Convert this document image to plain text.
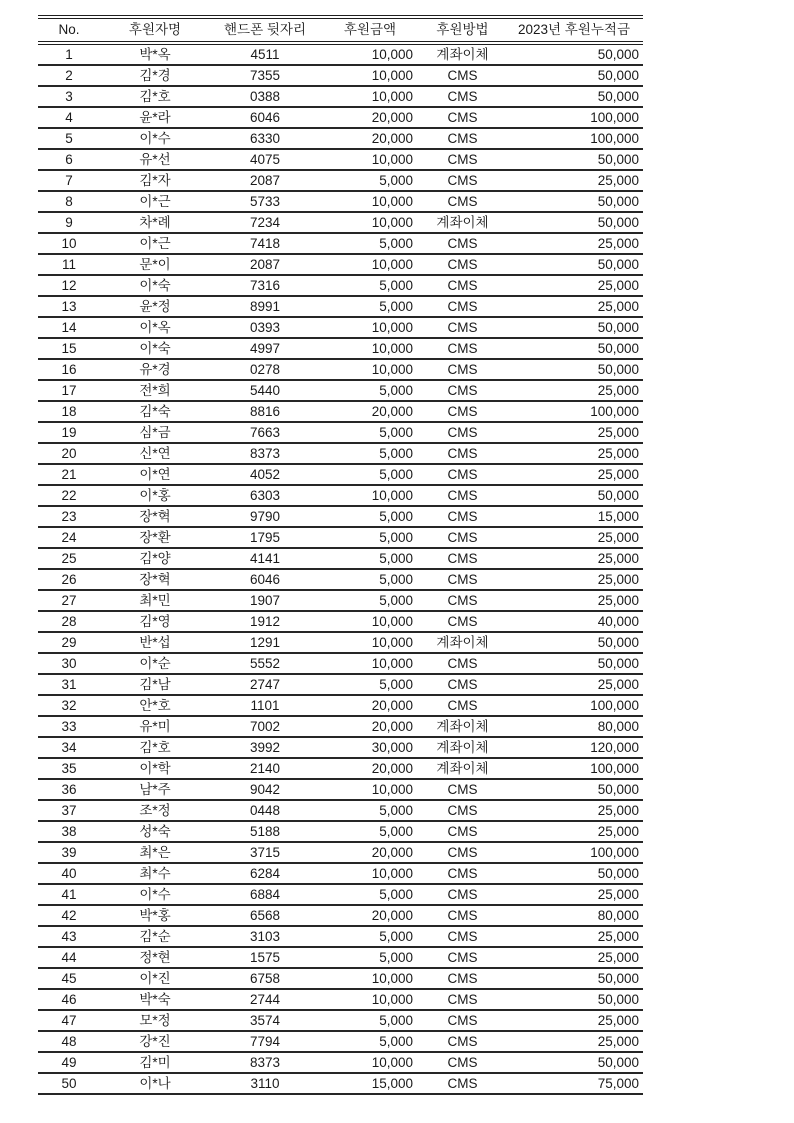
No.	후원자명	핸드폰 뒷자리	후원금액	후원방법	2023년 후원누적금
1	박*옥	4511	10,000	계좌이체	50,000
2	김*경	7355	10,000	CMS	50,000
3	김*호	0388	10,000	CMS	50,000
4	윤*라	6046	20,000	CMS	100,000
5	이*수	6330	20,000	CMS	100,000
6	유*선	4075	10,000	CMS	50,000
7	김*자	2087	5,000	CMS	25,000
8	이*근	5733	10,000	CMS	50,000
9	차*례	7234	10,000	계좌이체	50,000
10	이*근	7418	5,000	CMS	25,000
11	문*이	2087	10,000	CMS	50,000
12	이*숙	7316	5,000	CMS	25,000
13	윤*정	8991	5,000	CMS	25,000
14	이*옥	0393	10,000	CMS	50,000
15	이*숙	4997	10,000	CMS	50,000
16	유*경	0278	10,000	CMS	50,000
17	전*희	5440	5,000	CMS	25,000
18	김*숙	8816	20,000	CMS	100,000
19	심*금	7663	5,000	CMS	25,000
20	신*연	8373	5,000	CMS	25,000
21	이*연	4052	5,000	CMS	25,000
22	이*홍	6303	10,000	CMS	50,000
23	장*혁	9790	5,000	CMS	15,000
24	장*환	1795	5,000	CMS	25,000
25	김*양	4141	5,000	CMS	25,000
26	장*혁	6046	5,000	CMS	25,000
27	최*민	1907	5,000	CMS	25,000
28	김*영	1912	10,000	CMS	40,000
29	반*섭	1291	10,000	계좌이체	50,000
30	이*순	5552	10,000	CMS	50,000
31	김*남	2747	5,000	CMS	25,000
32	안*호	1101	20,000	CMS	100,000
33	유*미	7002	20,000	계좌이체	80,000
34	김*호	3992	30,000	계좌이체	120,000
35	이*학	2140	20,000	계좌이체	100,000
36	남*주	9042	10,000	CMS	50,000
37	조*정	0448	5,000	CMS	25,000
38	성*숙	5188	5,000	CMS	25,000
39	최*은	3715	20,000	CMS	100,000
40	최*수	6284	10,000	CMS	50,000
41	이*수	6884	5,000	CMS	25,000
42	박*홍	6568	20,000	CMS	80,000
43	김*순	3103	5,000	CMS	25,000
44	정*현	1575	5,000	CMS	25,000
45	이*진	6758	10,000	CMS	50,000
46	박*숙	2744	10,000	CMS	50,000
47	모*정	3574	5,000	CMS	25,000
48	강*진	7794	5,000	CMS	25,000
49	김*미	8373	10,000	CMS	50,000
50	이*나	3110	15,000	CMS	75,000
